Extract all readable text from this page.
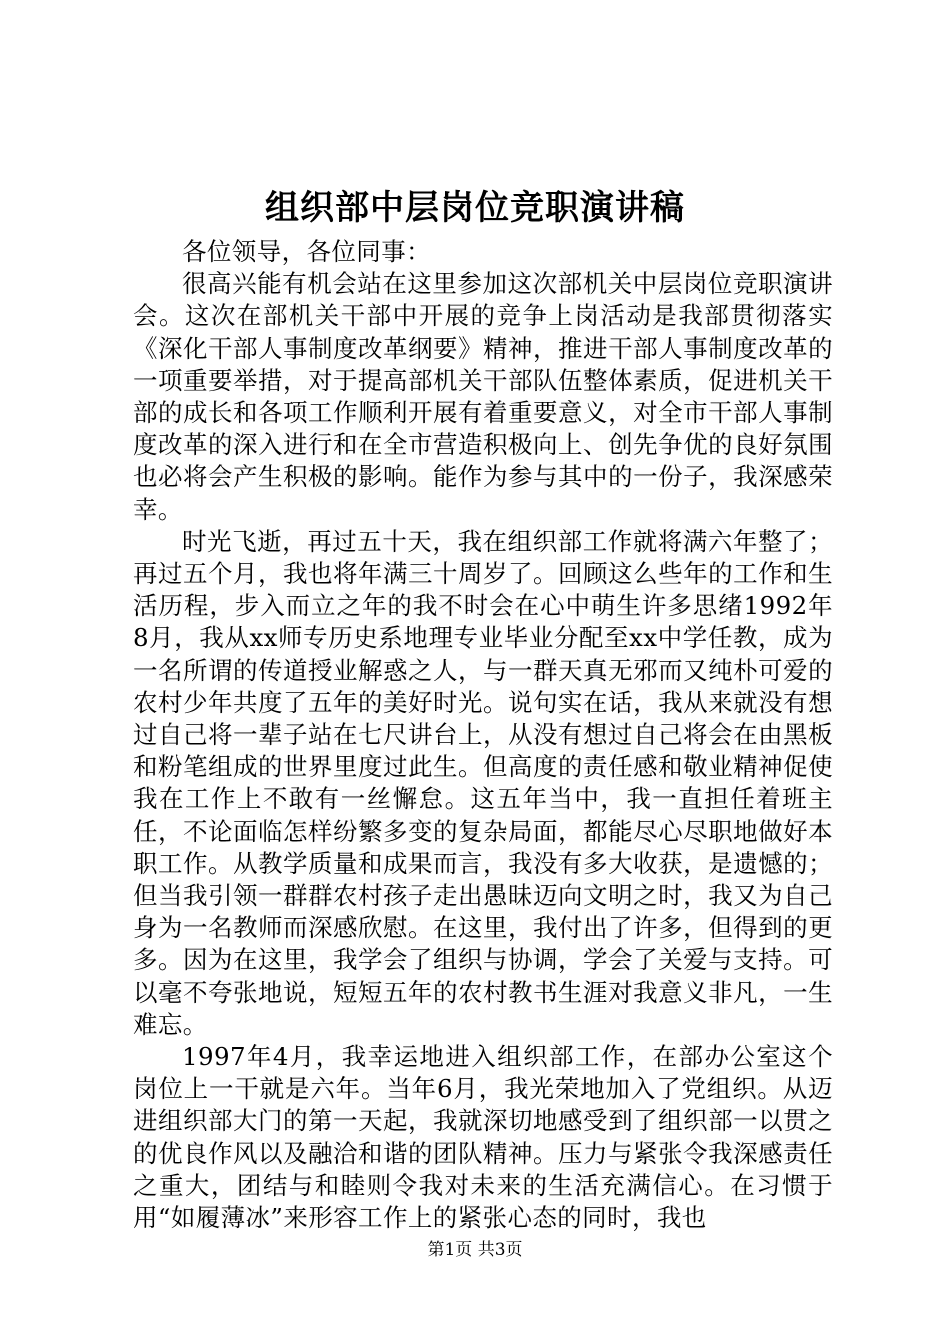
组织部中层岗位竞职演讲稿

各位领导，各位同事：

很高兴能有机会站在这里参加这次部机关中层岗位竞职演讲会。这次在部机关干部中开展的竞争上岗活动是我部贯彻落实《深化干部人事制度改革纲要》精神，推进干部人事制度改革的一项重要举措，对于提高部机关干部队伍整体素质，促进机关干部的成长和各项工作顺利开展有着重要意义，对全市干部人事制度改革的深入进行和在全市营造积极向上、创先争优的良好氛围也必将会产生积极的影响。能作为参与其中的一份子，我深感荣幸。

时光飞逝，再过五十天，我在组织部工作就将满六年整了；再过五个月，我也将年满三十周岁了。回顾这么些年的工作和生活历程，步入而立之年的我不时会在心中萌生许多思绪1992年8月，我从xx师专历史系地理专业毕业分配至xx中学任教，成为一名所谓的传道授业解惑之人，与一群天真无邪而又纯朴可爱的农村少年共度了五年的美好时光。说句实在话，我从来就没有想过自己将一辈子站在七尺讲台上，从没有想过自己将会在由黑板和粉笔组成的世界里度过此生。但高度的责任感和敬业精神促使我在工作上不敢有一丝懈怠。这五年当中，我一直担任着班主任，不论面临怎样纷繁多变的复杂局面，都能尽心尽职地做好本职工作。从教学质量和成果而言，我没有多大收获，是遗憾的；但当我引领一群群农村孩子走出愚昧迈向文明之时，我又为自己身为一名教师而深感欣慰。在这里，我付出了许多，但得到的更多。因为在这里，我学会了组织与协调，学会了关爱与支持。可以毫不夸张地说，短短五年的农村教书生涯对我意义非凡，一生难忘。

1997年4月，我幸运地进入组织部工作，在部办公室这个岗位上一干就是六年。当年6月，我光荣地加入了党组织。从迈进组织部大门的第一天起，我就深切地感受到了组织部一以贯之的优良作风以及融洽和谐的团队精神。压力与紧张令我深感责任之重大，团结与和睦则令我对未来的生活充满信心。在习惯于用“如履薄冰”来形容工作上的紧张心态的同时，我也

第1页 共3页
